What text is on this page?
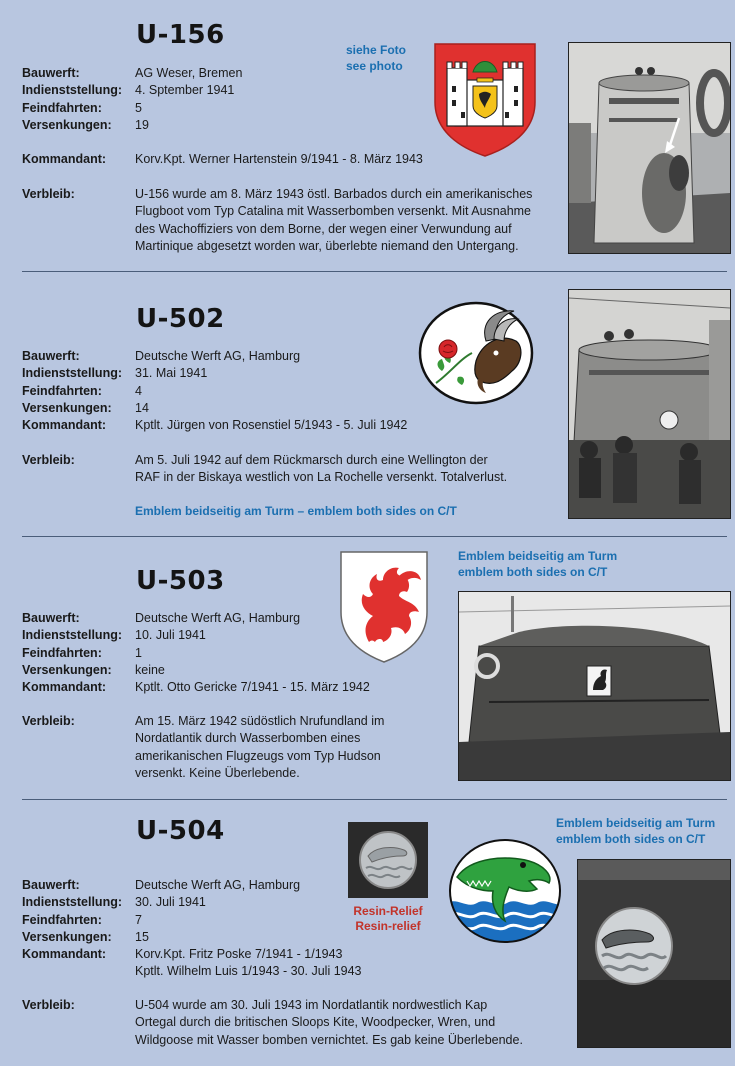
U-156
Bauwerft:	AG Weser, Bremen
Indienststellung:	4. Sptember 1941
Feindfahrten:	5
Versenkungen:	19
Kommandant:	Korv.Kpt. Werner Hartenstein 9/1941 - 8. März 1943
Verbleib:	U-156 wurde am 8. März 1943 östl. Barbados durch ein amerikanisches
Flugboot vom Typ Catalina mit Wasserbomben versenkt. Mit Ausnahme
des Wachoffiziers von dem Borne, der wegen einer Verwundung auf
Martinique abgesetzt worden war, überlebte niemand den Untergang.
siehe Foto
see photo
U-502
Bauwerft:	Deutsche Werft AG, Hamburg
Indienststellung:	31. Mai 1941
Feindfahrten:	4
Versenkungen:	14
Kommandant:	Kptlt. Jürgen von Rosenstiel 5/1943 - 5. Juli 1942
Verbleib:	Am 5. Juli 1942 auf dem Rückmarsch durch eine Wellington der
RAF in der Biskaya westlich von La Rochelle versenkt. Totalverlust.
Emblem beidseitig am Turm – emblem both sides on C/T
U-503
Bauwerft:	Deutsche Werft AG, Hamburg
Indienststellung:	10. Juli 1941
Feindfahrten:	1
Versenkungen:	keine
Kommandant:	Kptlt. Otto Gericke 7/1941 - 15. März 1942
Verbleib:	Am 15. März 1942 südöstlich Nrufundland im
Nordatlantik durch Wasserbomben eines
amerikanischen Flugzeugs vom Typ Hudson
versenkt. Keine Überlebende.
Emblem beidseitig am Turm
emblem both sides on C/T
U-504
Bauwerft:	Deutsche Werft AG, Hamburg
Indienststellung:	30. Juli 1941
Feindfahrten:	7
Versenkungen:	15
Kommandant:	Korv.Kpt. Fritz Poske 7/1941 - 1/1943
Kptlt. Wilhelm Luis 1/1943 - 30. Juli 1943
Verbleib:	U-504 wurde am 30. Juli 1943 im Nordatlantik nordwestlich Kap
Ortegal durch die britischen Sloops Kite, Woodpecker, Wren, und
Wildgoose mit Wasser bomben vernichtet. Es gab keine Überlebende.
Emblem beidseitig am Turm
emblem both sides on C/T
Resin-Relief
Resin-relief
